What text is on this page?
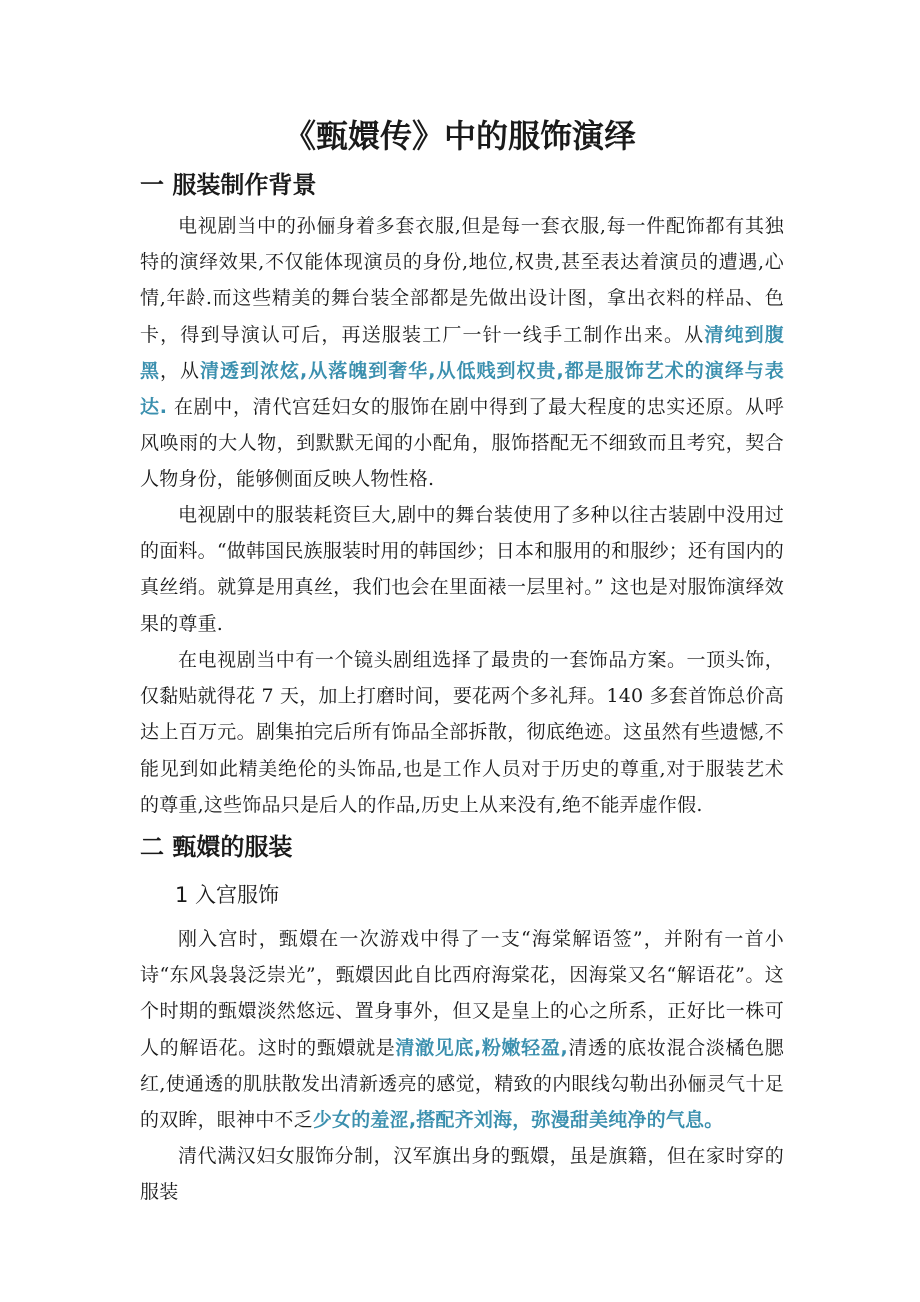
《甄嬛传》中的服饰演绎
一 服装制作背景

电视剧当中的孙俪身着多套衣服,但是每一套衣服,每一件配饰都有其独特的演绎效果,不仅能体现演员的身份,地位,权贵,甚至表达着演员的遭遇,心情,年龄.而这些精美的舞台装全部都是先做出设计图，拿出衣料的样品、色卡，得到导演认可后，再送服装工厂一针一线手工制作出来。从清纯到腹黑，从清透到浓炫,从落魄到奢华,从低贱到权贵,都是服饰艺术的演绎与表达. 在剧中，清代宫廷妇女的服饰在剧中得到了最大程度的忠实还原。从呼风唤雨的大人物，到默默无闻的小配角，服饰搭配无不细致而且考究，契合人物身份，能够侧面反映人物性格.

电视剧中的服装耗资巨大,剧中的舞台装使用了多种以往古装剧中没用过的面料。“做韩国民族服装时用的韩国纱；日本和服用的和服纱；还有国内的真丝绡。就算是用真丝，我们也会在里面裱一层里衬。” 这也是对服饰演绎效果的尊重.

在电视剧当中有一个镜头剧组选择了最贵的一套饰品方案。一顶头饰，仅黏贴就得花 7 天，加上打磨时间，要花两个多礼拜。140 多套首饰总价高达上百万元。剧集拍完后所有饰品全部拆散，彻底绝迹。这虽然有些遗憾,不能见到如此精美绝伦的头饰品,也是工作人员对于历史的尊重,对于服装艺术的尊重,这些饰品只是后人的作品,历史上从来没有,绝不能弄虚作假.

二 甄嬛的服装
1 入宫服饰

刚入宫时，甄嬛在一次游戏中得了一支“海棠解语签”，并附有一首小诗“东风袅袅泛崇光”，甄嬛因此自比西府海棠花，因海棠又名“解语花”。这个时期的甄嬛淡然悠远、置身事外，但又是皇上的心之所系，正好比一株可人的解语花。这时的甄嬛就是清澈见底,粉嫩轻盈,清透的底妆混合淡橘色腮红,使通透的肌肤散发出清新透亮的感觉，精致的内眼线勾勒出孙俪灵气十足的双眸，眼神中不乏少女的羞涩,搭配齐刘海，弥漫甜美纯净的气息。

清代满汉妇女服饰分制，汉军旗出身的甄嬛，虽是旗籍，但在家时穿的服装
